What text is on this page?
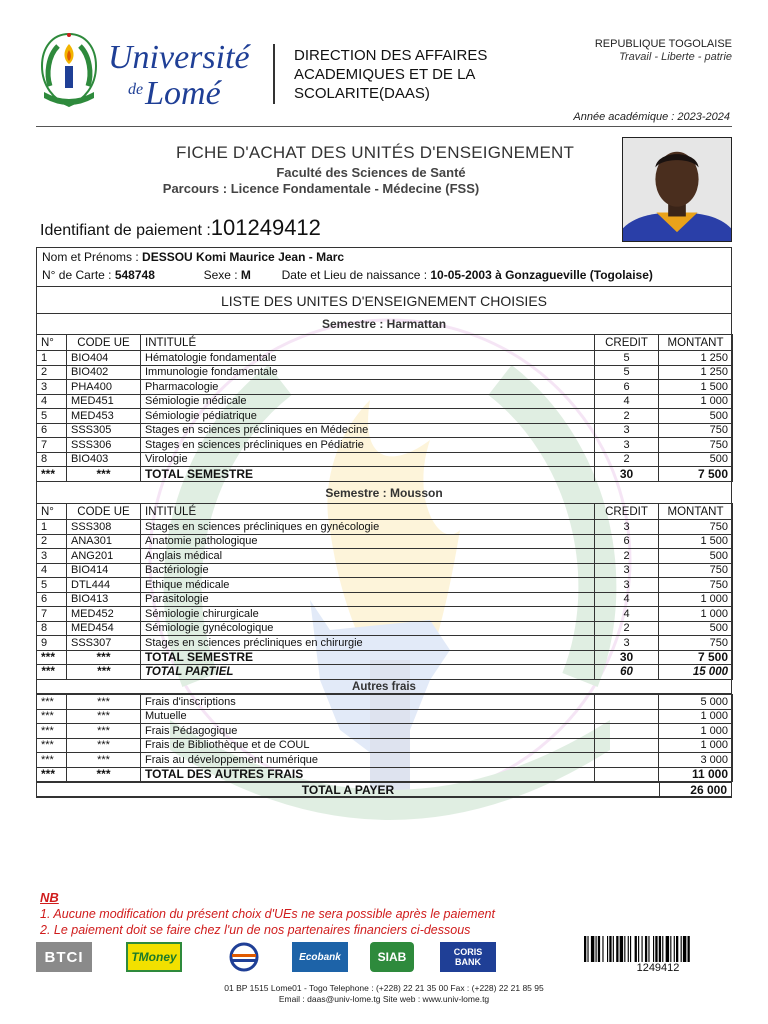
Université
$^{de}$Lomé
DIRECTION DES AFFAIRES ACADEMIQUES ET DE LA SCOLARITE(DAAS)
REPUBLIQUE TOGOLAISE
Travail - Liberte - patrie
Année académique : 2023-2024
FICHE D'ACHAT DES UNITÉS D'ENSEIGNEMENT
Faculté des Sciences de Santé
Parcours : Licence Fondamentale - Médecine (FSS)
Identifiant de paiement :101249412
Nom et Prénoms : DESSOU Komi Maurice Jean - Marc
N° de Carte : 548748	Sexe : M	Date et Lieu de naissance : 10-05-2003 à Gonzagueville (Togolaise)
LISTE DES UNITES D'ENSEIGNEMENT CHOISIES
Semestre : Harmattan
N°	CODE UE	INTITULÉ	CREDIT	MONTANT
1	BIO404	Hématologie fondamentale	5	1 250
2	BIO402	Immunologie fondamentale	5	1 250
3	PHA400	Pharmacologie	6	1 500
4	MED451	Sémiologie médicale	4	1 000
5	MED453	Sémiologie pédiatrique	2	500
6	SSS305	Stages en sciences précliniques en Médecine	3	750
7	SSS306	Stages en sciences précliniques en Pédiatrie	3	750
8	BIO403	Virologie	2	500
***	***	TOTAL SEMESTRE	30	7 500
Semestre : Mousson
N°	CODE UE	INTITULÉ	CREDIT	MONTANT
1	SSS308	Stages en sciences précliniques en gynécologie	3	750
2	ANA301	Anatomie pathologique	6	1 500
3	ANG201	Anglais médical	2	500
4	BIO414	Bactériologie	3	750
5	DTL444	Ethique médicale	3	750
6	BIO413	Parasitologie	4	1 000
7	MED452	Sémiologie chirurgicale	4	1 000
8	MED454	Sémiologie gynécologique	2	500
9	SSS307	Stages en sciences précliniques en chirurgie	3	750
***	***	TOTAL SEMESTRE	30	7 500
***	***	TOTAL PARTIEL	60	15 000
Autres frais
***	***	Frais d'inscriptions		5 000
***	***	Mutuelle		1 000
***	***	Frais Pédagogique		1 000
***	***	Frais de Bibliothèque et de COUL		1 000
***	***	Frais au développement numérique		3 000
***	***	TOTAL DES AUTRES FRAIS		11 000
TOTAL A PAYER	26 000
NB
1. Aucune modification du présent choix d'UEs ne sera possible après le paiement
2. Le paiement doit se faire chez l'un de nos partenaires financiers ci-dessous
BTCI	TMoney	Ecobank	SIAB	CORIS BANK	1249412
01 BP 1515 Lome01 - Togo Telephone : (+228) 22 21 35 00 Fax : (+228) 22 21 85 95
Email : daas@univ-lome.tg Site web : www.univ-lome.tg
